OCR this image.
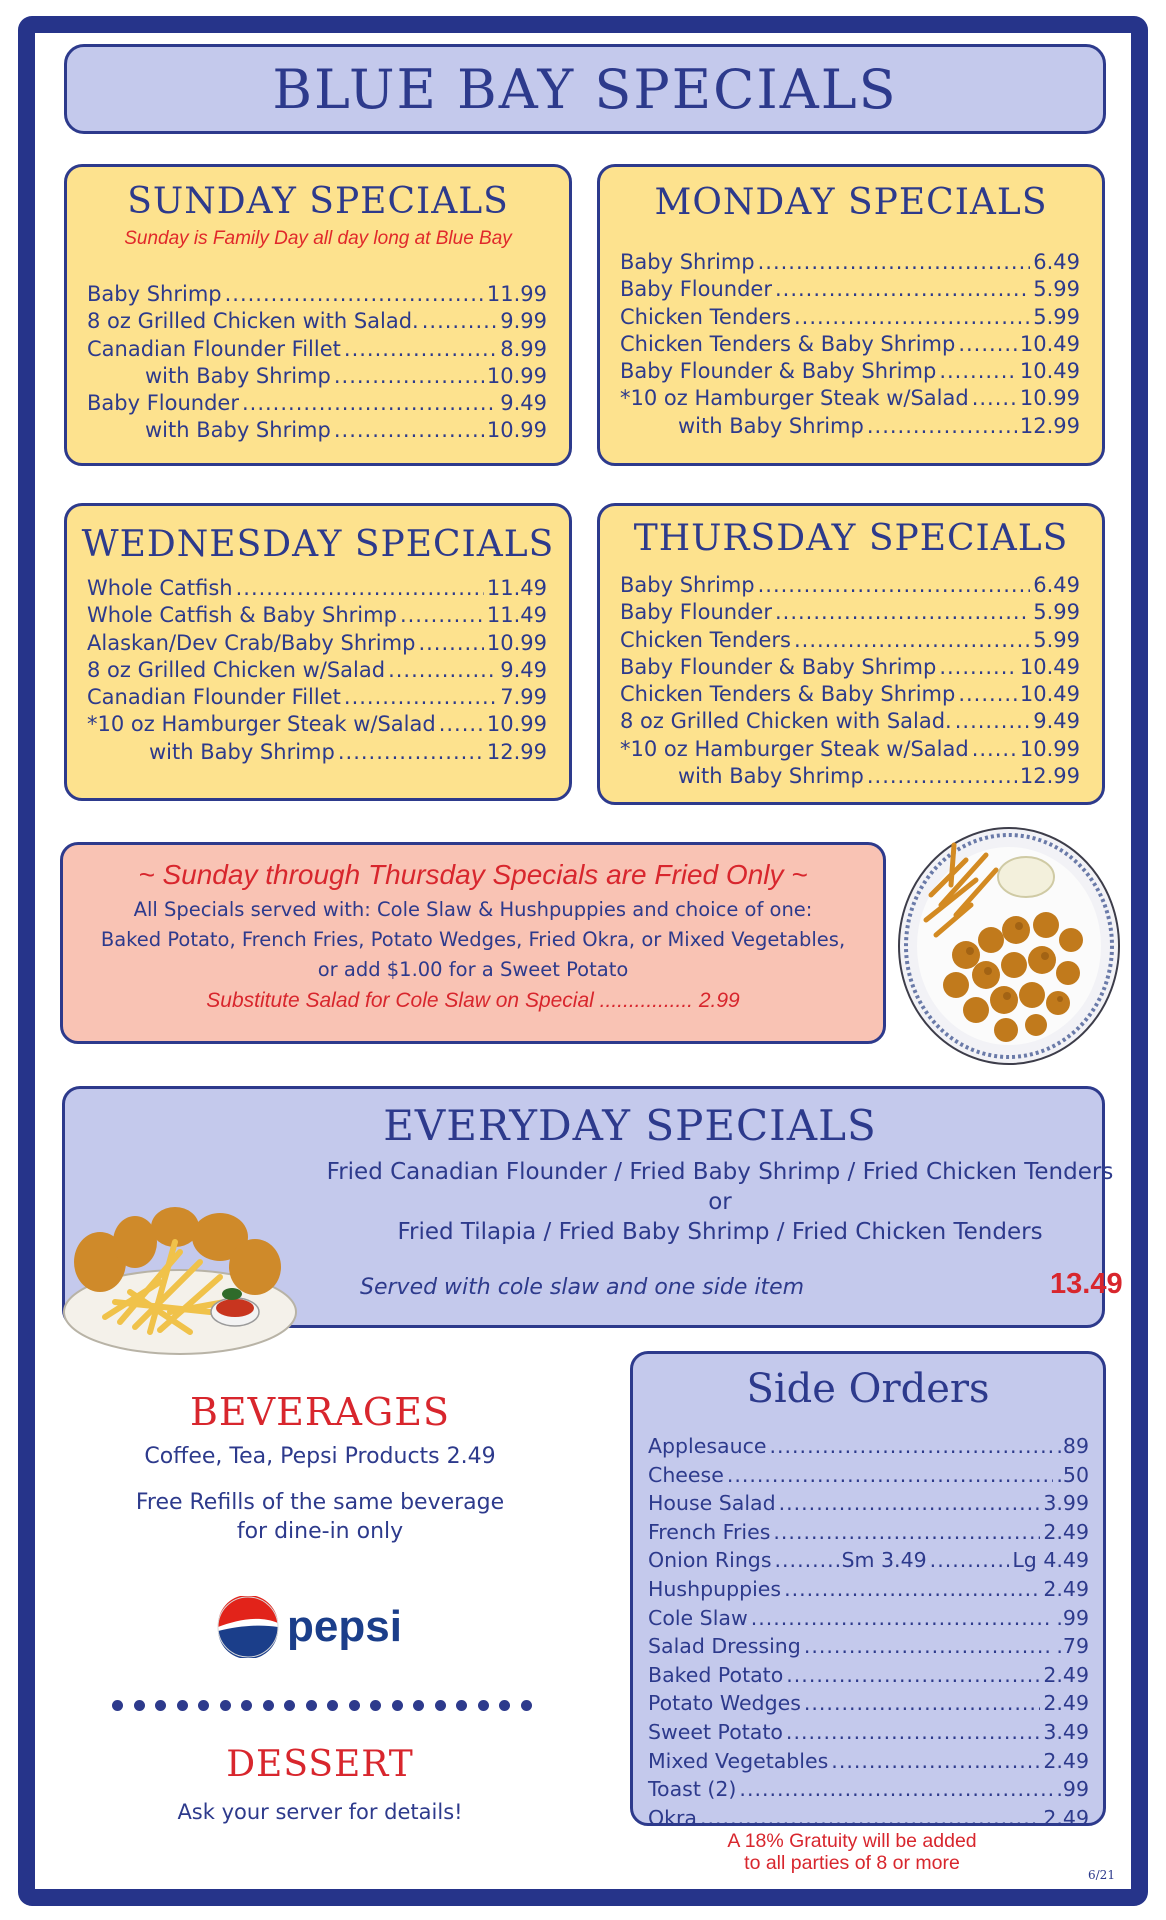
BLUE BAY SPECIALS
SUNDAY SPECIALS
Sunday is Family Day all day long at Blue Bay
Baby Shrimp .....	11.99
8 oz Grilled Chicken with Salad. .....	9.99
Canadian Flounder Fillet .....	8.99
with Baby Shrimp .....	10.99
Baby Flounder .....	9.49
with Baby Shrimp .....	10.99
MONDAY SPECIALS
Baby Shrimp .....	6.49
Baby Flounder .....	5.99
Chicken Tenders .....	5.99
Chicken Tenders & Baby Shrimp .....	10.49
Baby Flounder & Baby Shrimp .....	10.49
*10 oz Hamburger Steak w/Salad ..... 10.99
with Baby Shrimp .....	12.99
WEDNESDAY SPECIALS
Whole Catfish .....	11.49
Whole Catfish & Baby Shrimp .....	11.49
Alaskan/Dev Crab/Baby Shrimp .....	10.99
8 oz Grilled Chicken w/Salad .....	9.49
Canadian Flounder Fillet .....	7.99
*10 oz Hamburger Steak w/Salad ..... 10.99
with Baby Shrimp .....	12.99
THURSDAY SPECIALS
Baby Shrimp .....	6.49
Baby Flounder .....	5.99
Chicken Tenders .....	5.99
Baby Flounder & Baby Shrimp .....	10.49
Chicken Tenders & Baby Shrimp .....	10.49
8 oz Grilled Chicken with Salad. .....	9.49
*10 oz Hamburger Steak w/Salad ..... 10.99
with Baby Shrimp .....	12.99
~ Sunday through Thursday Specials are Fried Only ~
All Specials served with: Cole Slaw & Hushpuppies and choice of one:
Baked Potato, French Fries, Potato Wedges, Fried Okra, or Mixed Vegetables,
or add $1.00 for a Sweet Potato
Substitute Salad for Cole Slaw on Special ................ 2.99
EVERYDAY SPECIALS
Fried Canadian Flounder / Fried Baby Shrimp / Fried Chicken Tenders
or
Fried Tilapia / Fried Baby Shrimp / Fried Chicken Tenders
Served with cole slaw and one side item	13.49
BEVERAGES
Coffee, Tea, Pepsi Products 2.49
Free Refills of the same beverage
for dine-in only
pepsi
DESSERT
Ask your server for details!
Side Orders
Applesauce .....	.89
Cheese .....	.50
House Salad .....	3.99
French Fries .....	2.49
Onion Rings .....	Sm 3.49 .....	Lg 4.49
Hushpuppies .....	2.49
Cole Slaw .....	.99
Salad Dressing .....	.79
Baked Potato .....	2.49
Potato Wedges .....	2.49
Sweet Potato .....	3.49
Mixed Vegetables .....	2.49
Toast (2) .....	.99
Okra .....	2.49
A 18% Gratuity will be added
to all parties of 8 or more
6/21
